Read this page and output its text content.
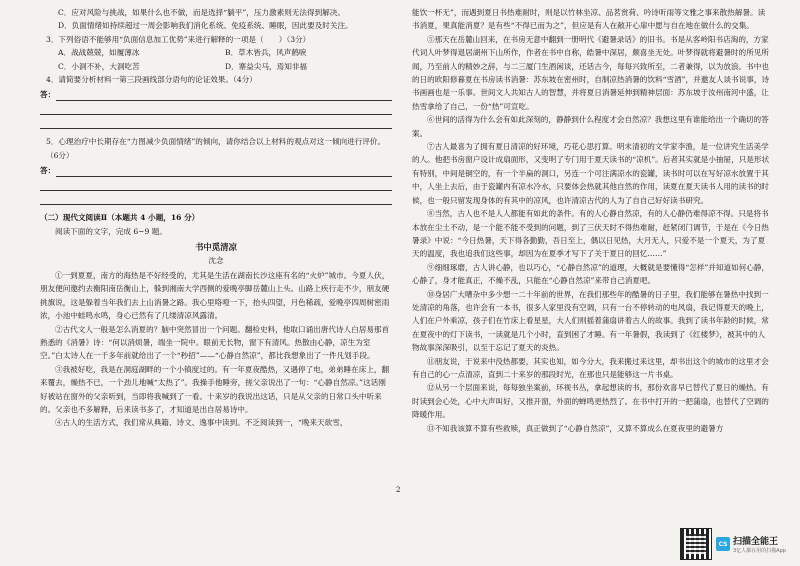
C．应对风险与挑战，如果什么也不做，而是选择“躺平”，压力激素则无法得到解决。

D．负面情绪如持续超过一周会影响我们消化系统、免疫系统、睡眠，因此要及时关注。

3．下列俗语不能够用“负面信息加工优势”来进行解释的一项是（　　）（3分）

A．战战兢兢，如履薄冰	B．草木皆兵，风声鹤唳
C．小洞不补，大洞吃苦	D．寨益尖马，焉知非福

4．请简要分析材料一第三段画线部分语句的论证效果。（4分）

答：

5．心理治疗中长期存在“力图减少负面情绪”的倾向，请你结合以上材料的观点对这一倾向进行评价。（6分）

答：

（二）现代文阅读Ⅱ（本题共 4 小题，16 分）

阅读下面的文字，完成 6~9 题。

书中觅清凉

沈念

①一到夏夏，南方的海热是不好经受的，尤其是生活在湖南长沙这座有名的“火炉”城市。今夏人伏，朋友便问邀约去衡阳南岳衡山上，躲到湘南大学西侧的爱晚亭脚岳麓山上头。山路上疾行走不少，朋友硬挑旗说，这是躲着当年我们去上山消暑之路。我心里咯噔一下，抬头四望，月色稀疏，爱晚亭四周树密雨浓，小池中蛙鸣水鸣，身心已然有了几缕清凉风露清。

②古代文人一般是怎么消夏的？脑中突然冒出一个问题。翻检史料，他取口诵出唐代诗人白居易那首熟悉的《消暑》诗：“何以消烦暑，端坐一院中。眼前无长物，窗下有清风。热散由心静，凉生为室空。”白太诗人在一千多年前就给出了一个“秒招”——“心静自然凉”，都比我想象出了一件凡划手段。

③我被好吃，我是在洞庭湖畔的一个小镇度过的。有一年夏夜酷热，又遇停了电，弟弟睡在床上，翻来覆去，燥热不已，一个劲儿地喊“太热了”。我操手他睡旁，搓父亲说出了一句：“心静自然凉。”这话刚好被站在窗外的父亲听到，当即将我喊到了一看。十来岁的我说出这话，只是从父亲的日常口头中听来的。父亲也不多解释，后来读书多了，才知道是出自居易诗中。

④古人的生活方式，我们常从典籍、诗文、逸事中读到。不乏阅读到一，“晚来天欲雪，

能饮一杯无”，而遇到夏日书热难耐时，则是以竹林坐凉、品茗赏荷、吟诗听雨等文雅之事来散热解暑。读书消夏，果真能消夏？是有些“不得已而为之”，但应是有人在敞开心扉中愿与自在地在做什么的交集。

⑤那天在岳麓山回来，在书房无意中翻到一册明代《避暑录话》的旧书。书是从客岭阳书店淘的，方家代词人叶梦得退居湖州下山所作，作者在书中自称，皓暑中深居，颇喜坐无处。叶梦得就将避暑时的所见所闻，乃至前人的精妙之辞，与二三厦门生酒闲谈，还话古今，每每兴致所至，二者兼得，以为放浪。书中也的日的欧阳修暮夏在书房读书消暑：苏东坡在密州时，自制凉热消暑的饮料“雪酒”，并邀友人谈书说事，诗书画画也是一乐事。世间文人共知古人的智慧，并将夏日消暑延伸到精神层面：苏东坡于汝州南河中盛，让热雪拿给了自己，一份“热”可宣吃。

⑥世间的活得为什么会有如此深刻的，静静到什么程度才会自然凉？我想这里有谁能给出一个确切的答案。

⑦古人最喜为了拥有夏日清凉的好环境，巧花心思打算。明末清初的文学家李渔，是一位讲究生活美学的人。他把书房窗户设计成扇面形，又变明了专门用于夏天读书的“凉机”。后者其实就是小抽屉，只是形状有特别，中间是铜空的，有一个半扁的洞口，另连一个可注满凉水的瓷罐，读书时可以在写好凉水放置于其中，人坐上去后，由于瓷罐内有凉水冷水，只要体会热就其他自然的作用，读夏在夏天读书人用的读书的时候，也一般只留发现身体的有其中的凉风，也许清凉古代的人为了自自己好好读书研究。

⑧当然，古人也不是人人都能有如此的条件。有的人心静自然凉，有的人心静仍难得凉不得。只是将书本放在尘土不动，是一个能不能不受到的问题，到了三伏天时不得热难耐，赶紧闭门调节，于是在《今日热暑录》中说：“今日热暑，天下得各勤勤，吾日至上，偶以日见热，大月无人，只爱不是一个夏天，为了夏天的温度，我也追我们这些事，却因为在夏季才写下了关于夏日的回忆……”

⑨细细琢磨，古人讲心静，也以巧心，“心静自然凉”的道理，大概就是要懂得“怎样”并知道如何心静，心静了，身才能真正，不燥不乱，只能在“心静自然凉”来带自己消夏吧。

⑩身居广大嘈杂中多少想一二十年前的世界，在我们那些年的酷暑的日子里，我们能够在暑热中找到一处清凉的角落，也许会有一本书，很多人家里没有空调，只有一台不停转动的电风扇，我记得夏天的晚上，人们在户外乘凉，孩子们在竹床上看星星，大人们则摇着蒲扇讲着古人的故事。我到了读书年龄的时候，常在夏夜中的灯下读书，一读就是几个小时，直到困了才睡。有一年暑假，我读到了《红楼梦》，被其中的人物故事深深吸引，以至于忘记了夏天的炎热。

⑪朋友说，于说来中没热都要，其实也知，如今分大，我来搬过来这里，却书出这个的城市的这里才会有自己的心一点清凉，直到二十来岁的那段时光，在那也只是能够这一片书桌。

⑫从另一个层面来说，每每独坐案前，环视书丛，拿起想读的书，那份欢喜早已替代了夏日的燥热。有时读到会心处，心中大声叫好，又推开窗，外面的蝉鸣更热烈了。在书中打开的一把蒲扇，也替代了空调的降暖作用。

⑬不知我该算不算有些救赎，真正做到了“心静自然凉”，又算不算成么在夏夜里的避暑方

2
CS 扫描全能王
3亿人都在用的扫描App
